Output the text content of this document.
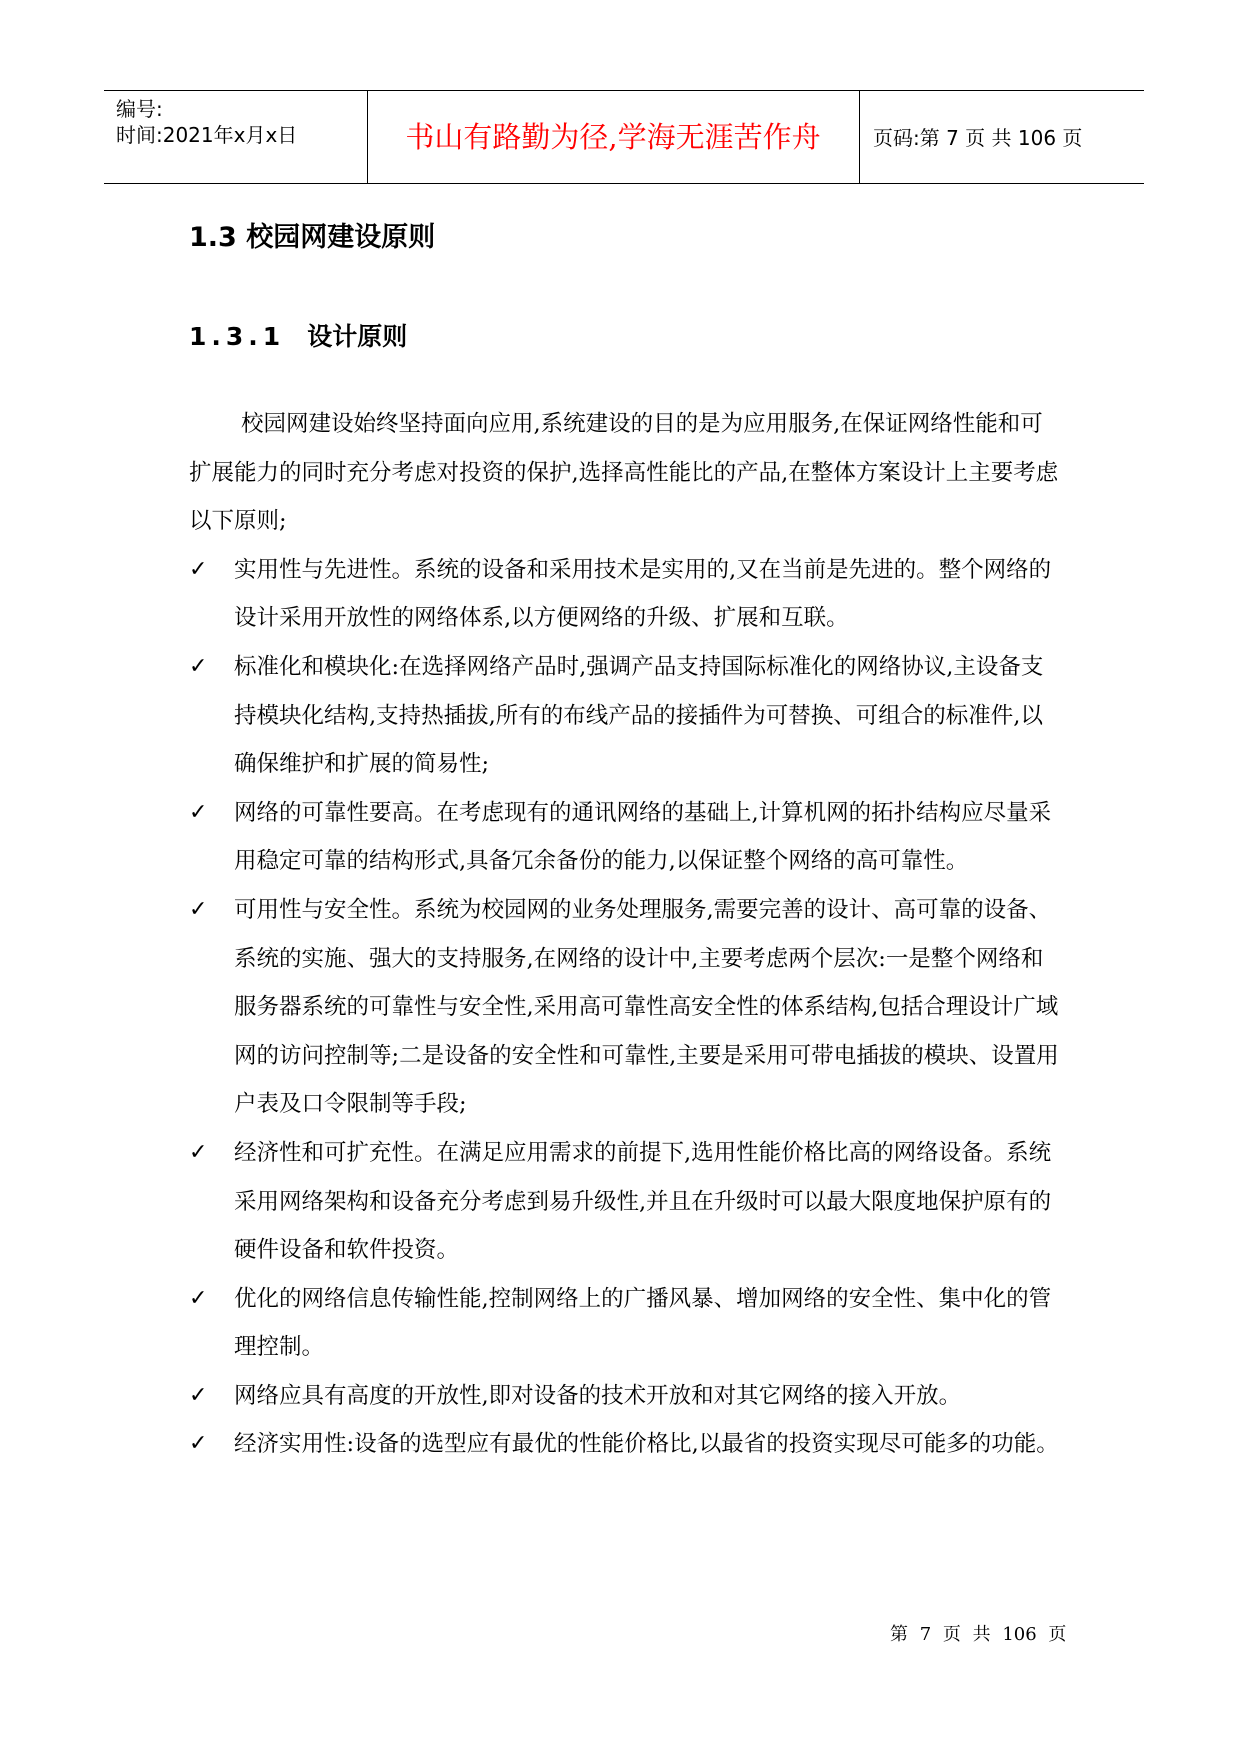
编号:
时间:2021年x月x日	书山有路勤为径,学海无涯苦作舟	页码:第 7 页 共 106 页
1.3 校园网建设原则
1.3.1 设计原则

校园网建设始终坚持面向应用,系统建设的目的是为应用服务,在保证网络性能和可扩展能力的同时充分考虑对投资的保护,选择高性能比的产品,在整体方案设计上主要考虑以下原则;

✓ 实用性与先进性。系统的设备和采用技术是实用的,又在当前是先进的。整个网络的设计采用开放性的网络体系,以方便网络的升级、扩展和互联。
✓ 标准化和模块化:在选择网络产品时,强调产品支持国际标准化的网络协议,主设备支持模块化结构,支持热插拔,所有的布线产品的接插件为可替换、可组合的标准件,以确保维护和扩展的简易性;
✓ 网络的可靠性要高。在考虑现有的通讯网络的基础上,计算机网的拓扑结构应尽量采用稳定可靠的结构形式,具备冗余备份的能力,以保证整个网络的高可靠性。
✓ 可用性与安全性。系统为校园网的业务处理服务,需要完善的设计、高可靠的设备、系统的实施、强大的支持服务,在网络的设计中,主要考虑两个层次:一是整个网络和服务器系统的可靠性与安全性,采用高可靠性高安全性的体系结构,包括合理设计广域网的访问控制等;二是设备的安全性和可靠性,主要是采用可带电插拔的模块、设置用户表及口令限制等手段;
✓ 经济性和可扩充性。在满足应用需求的前提下,选用性能价格比高的网络设备。系统采用网络架构和设备充分考虑到易升级性,并且在升级时可以最大限度地保护原有的硬件设备和软件投资。
✓ 优化的网络信息传输性能,控制网络上的广播风暴、增加网络的安全性、集中化的管理控制。
✓ 网络应具有高度的开放性,即对设备的技术开放和对其它网络的接入开放。
✓ 经济实用性:设备的选型应有最优的性能价格比,以最省的投资实现尽可能多的功能。
第 7 页 共 106 页
